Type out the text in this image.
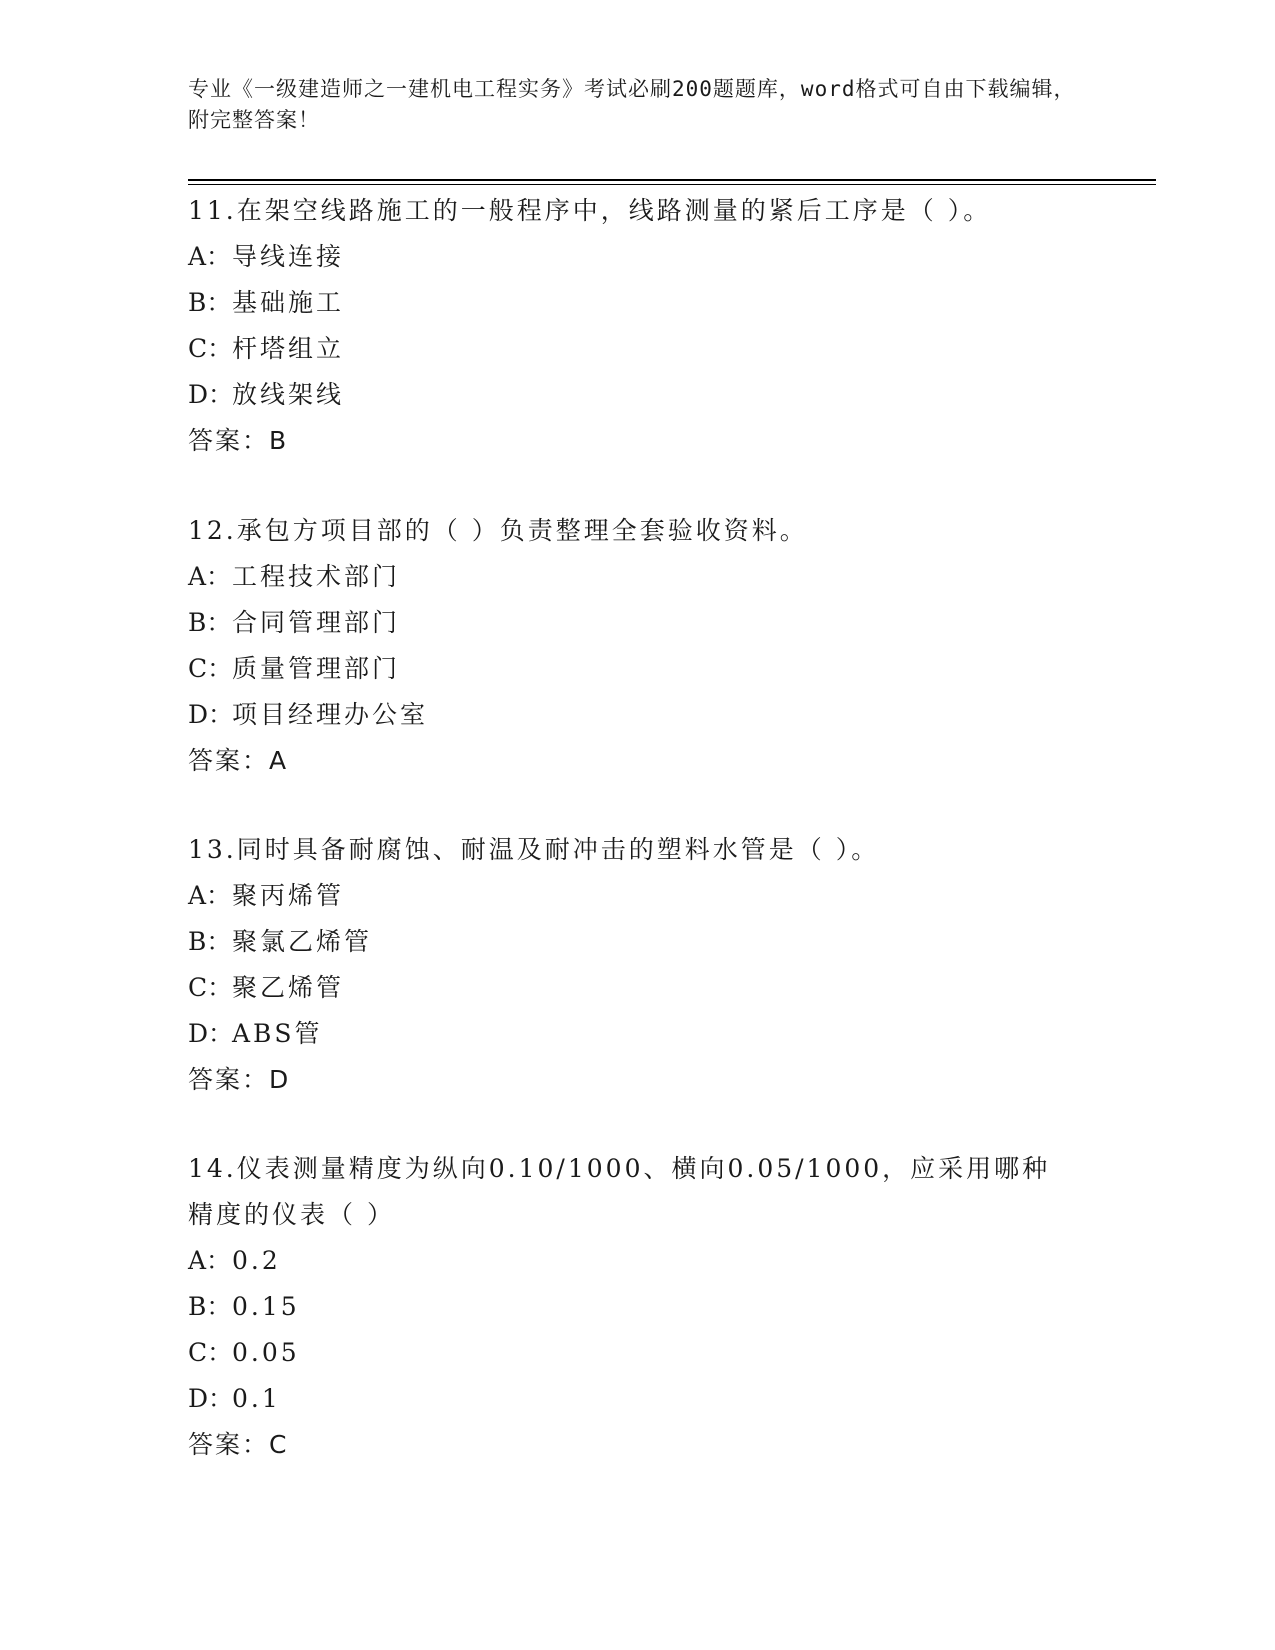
专业《一级建造师之一建机电工程实务》考试必刷200题题库，word格式可自由下载编辑，附完整答案！

11.在架空线路施工的一般程序中，线路测量的紧后工序是（ ）。

A：导线连接
B：基础施工
C：杆塔组立
D：放线架线
答案：B

12.承包方项目部的（ ）负责整理全套验收资料。

A：工程技术部门
B：合同管理部门
C：质量管理部门
D：项目经理办公室
答案：A

13.同时具备耐腐蚀、耐温及耐冲击的塑料水管是（ ）。

A：聚丙烯管
B：聚氯乙烯管
C：聚乙烯管
D：ABS管
答案：D

14.仪表测量精度为纵向0.10/1000、横向0.05/1000，应采用哪种精度的仪表（ ）

A：0.2
B：0.15
C：0.05
D：0.1
答案：C
